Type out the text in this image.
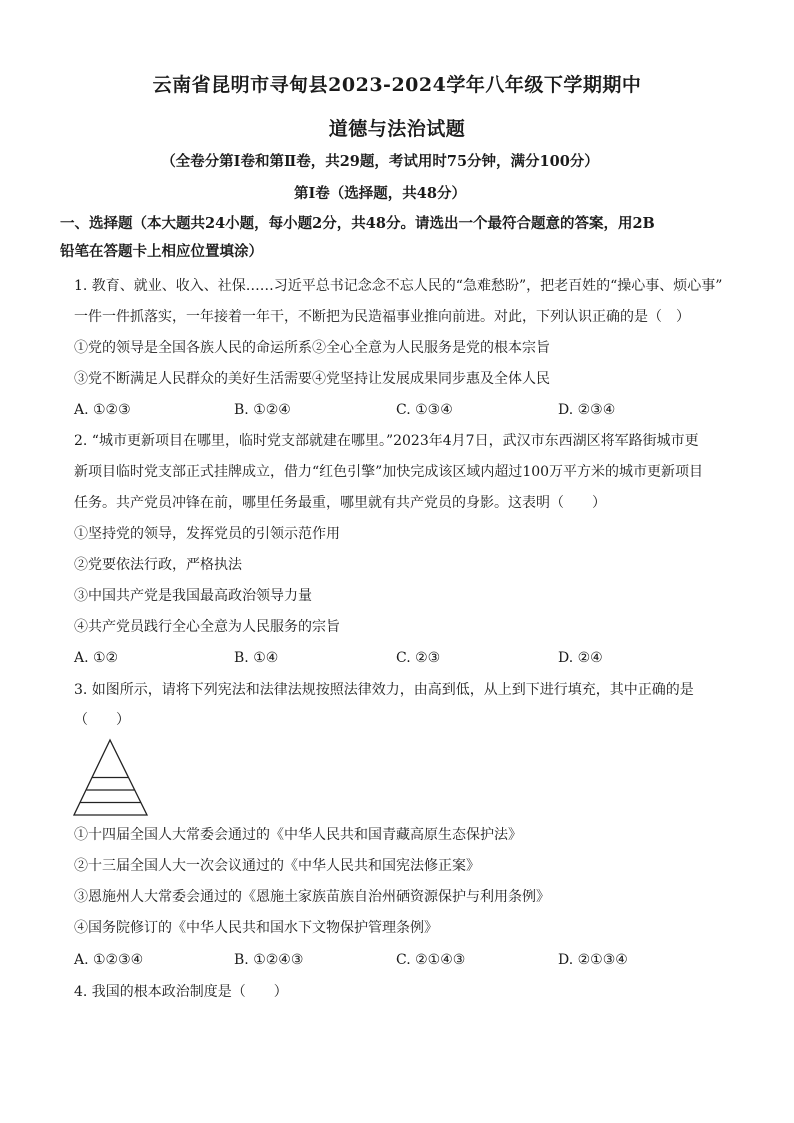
云南省昆明市寻甸县2023-2024学年八年级下学期期中
道德与法治试题
（全卷分第Ⅰ卷和第Ⅱ卷，共29题，考试用时75分钟，满分100分）
第Ⅰ卷（选择题，共48分）
一、选择题（本大题共24小题，每小题2分，共48分。请选出一个最符合题意的答案，用2B
铅笔在答题卡上相应位置填涂）
1. 教育、就业、收入、社保……习近平总书记念念不忘人民的“急难愁盼”，把老百姓的“操心事、烦心事”
一件一件抓落实，一年接着一年干，不断把为民造福事业推向前进。对此，下列认识正确的是（　）
①党的领导是全国各族人民的命运所系②全心全意为人民服务是党的根本宗旨
③党不断满足人民群众的美好生活需要④党坚持让发展成果同步惠及全体人民
A. ①②③	B. ①②④	C. ①③④	D. ②③④
2. “城市更新项目在哪里，临时党支部就建在哪里。”2023年4月7日，武汉市东西湖区将军路街城市更
新项目临时党支部正式挂牌成立，借力“红色引擎”加快完成该区域内超过100万平方米的城市更新项目
任务。共产党员冲锋在前，哪里任务最重，哪里就有共产党员的身影。这表明（　　）
①坚持党的领导，发挥党员的引领示范作用
②党要依法行政，严格执法
③中国共产党是我国最高政治领导力量
④共产党员践行全心全意为人民服务的宗旨
A. ①②	B. ①④	C. ②③	D. ②④
3. 如图所示，请将下列宪法和法律法规按照法律效力，由高到低，从上到下进行填充，其中正确的是
（　　）
①十四届全国人大常委会通过的《中华人民共和国青藏高原生态保护法》
②十三届全国人大一次会议通过的《中华人民共和国宪法修正案》
③恩施州人大常委会通过的《恩施土家族苗族自治州硒资源保护与利用条例》
④国务院修订的《中华人民共和国水下文物保护管理条例》
A. ①②③④	B. ①②④③	C. ②①④③	D. ②①③④
4. 我国的根本政治制度是（　　）
